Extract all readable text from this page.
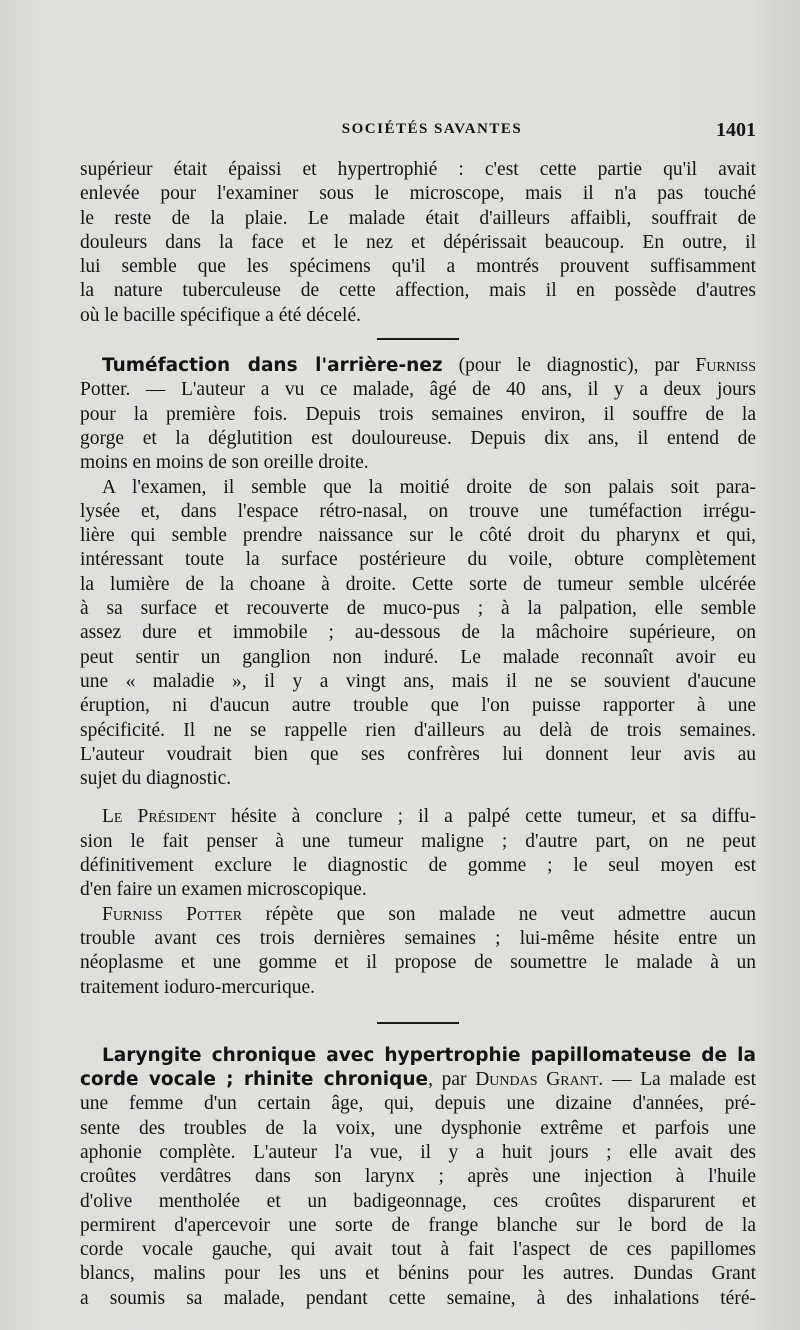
SOCIÉTÉS SAVANTES	1401
supérieur était épaissi et hypertrophié : c'est cette partie qu'il avait
enlevée pour l'examiner sous le microscope, mais il n'a pas touché
le reste de la plaie. Le malade était d'ailleurs affaibli, souffrait de
douleurs dans la face et le nez et dépérissait beaucoup. En outre, il
lui semble que les spécimens qu'il a montrés prouvent suffisamment
la nature tuberculeuse de cette affection, mais il en possède d'autres
où le bacille spécifique a été décelé.
Tuméfaction dans l'arrière-nez (pour le diagnostic), par Furniss
Potter. — L'auteur a vu ce malade, âgé de 40 ans, il y a deux jours
pour la première fois. Depuis trois semaines environ, il souffre de la
gorge et la déglutition est douloureuse. Depuis dix ans, il entend de
moins en moins de son oreille droite.
A l'examen, il semble que la moitié droite de son palais soit para-
lysée et, dans l'espace rétro-nasal, on trouve une tuméfaction irrégu-
lière qui semble prendre naissance sur le côté droit du pharynx et qui,
intéressant toute la surface postérieure du voile, obture complètement
la lumière de la choane à droite. Cette sorte de tumeur semble ulcérée
à sa surface et recouverte de muco-pus ; à la palpation, elle semble
assez dure et immobile ; au-dessous de la mâchoire supérieure, on
peut sentir un ganglion non induré. Le malade reconnaît avoir eu
une « maladie », il y a vingt ans, mais il ne se souvient d'aucune
éruption, ni d'aucun autre trouble que l'on puisse rapporter à une
spécificité. Il ne se rappelle rien d'ailleurs au delà de trois semaines.
L'auteur voudrait bien que ses confrères lui donnent leur avis au
sujet du diagnostic.
Le Président hésite à conclure ; il a palpé cette tumeur, et sa diffu-
sion le fait penser à une tumeur maligne ; d'autre part, on ne peut
définitivement exclure le diagnostic de gomme ; le seul moyen est
d'en faire un examen microscopique.
Furniss Potter répète que son malade ne veut admettre aucun
trouble avant ces trois dernières semaines ; lui-même hésite entre un
néoplasme et une gomme et il propose de soumettre le malade à un
traitement ioduro-mercurique.
Laryngite chronique avec hypertrophie papillomateuse de la
corde vocale ; rhinite chronique, par Dundas Grant. — La malade est
une femme d'un certain âge, qui, depuis une dizaine d'années, pré-
sente des troubles de la voix, une dysphonie extrême et parfois une
aphonie complète. L'auteur l'a vue, il y a huit jours ; elle avait des
croûtes verdâtres dans son larynx ; après une injection à l'huile
d'olive mentholée et un badigeonnage, ces croûtes disparurent et
permirent d'apercevoir une sorte de frange blanche sur le bord de la
corde vocale gauche, qui avait tout à fait l'aspect de ces papillomes
blancs, malins pour les uns et bénins pour les autres. Dundas Grant
a soumis sa malade, pendant cette semaine, à des inhalations téré-
